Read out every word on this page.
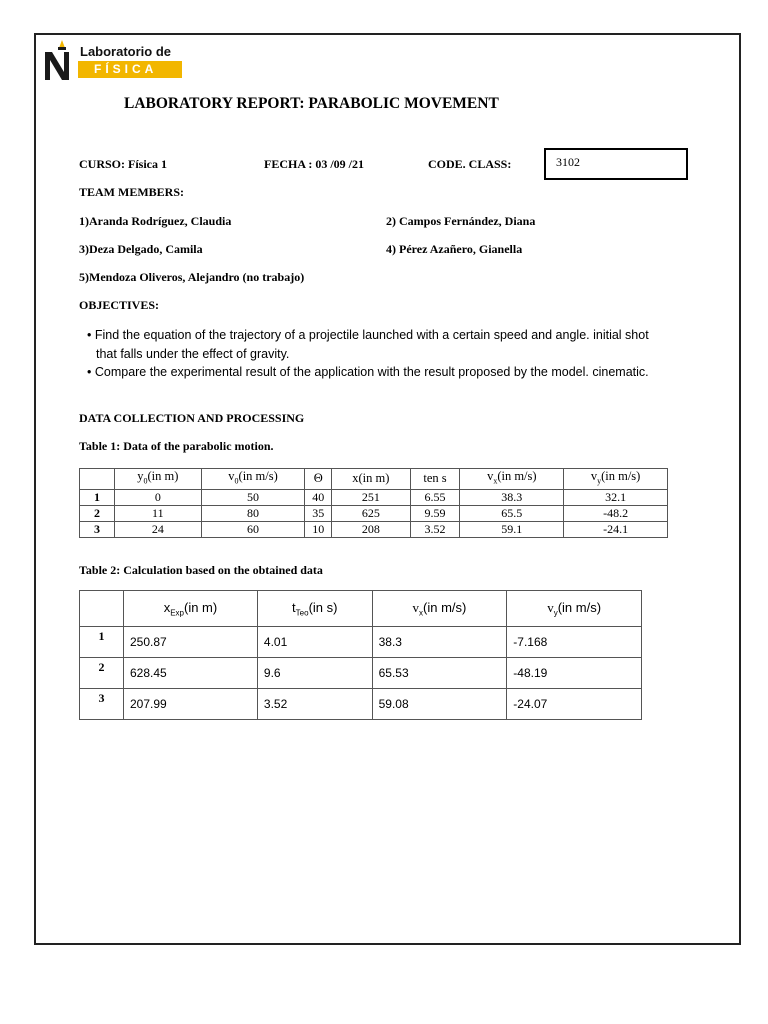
Laboratorio de
FÍSICA
LABORATORY REPORT: PARABOLIC MOVEMENT
CURSO: Física 1	FECHA : 03 /09 /21	CODE. CLASS:	3102
TEAM MEMBERS:
1)Aranda Rodríguez, Claudia	2) Campos Fernández, Diana
3)Deza Delgado, Camila	4) Pérez Azañero, Gianella
5)Mendoza Oliveros, Alejandro (no trabajo)
OBJECTIVES:
• Find the equation of the trajectory of a projectile launched with a certain speed and angle. initial shot that falls under the effect of gravity.
• Compare the experimental result of the application with the result proposed by the model. cinematic.
DATA COLLECTION AND PROCESSING
Table 1: Data of the parabolic motion.
	$y_0(in$ m)	$v_0(in$ m/s)	Θ	x(in m)	ten s	$v_x(in$ m/s)	$v_y(in$ m/s)
1	0	50	40	251	6.55	38.3	32.1
2	11	80	35	625	9.59	65.5	-48.2
3	24	60	10	208	3.52	59.1	-24.1
Table 2: Calculation based on the obtained data
	$x_{Exp}(in$ m)	$t_{Teo}(in$ s)	$v_x(in$ m/s)	$v_y(in$ m/s)
1	250.87	4.01	38.3	-7.168
2	628.45	9.6	65.53	-48.19
3	207.99	3.52	59.08	-24.07
